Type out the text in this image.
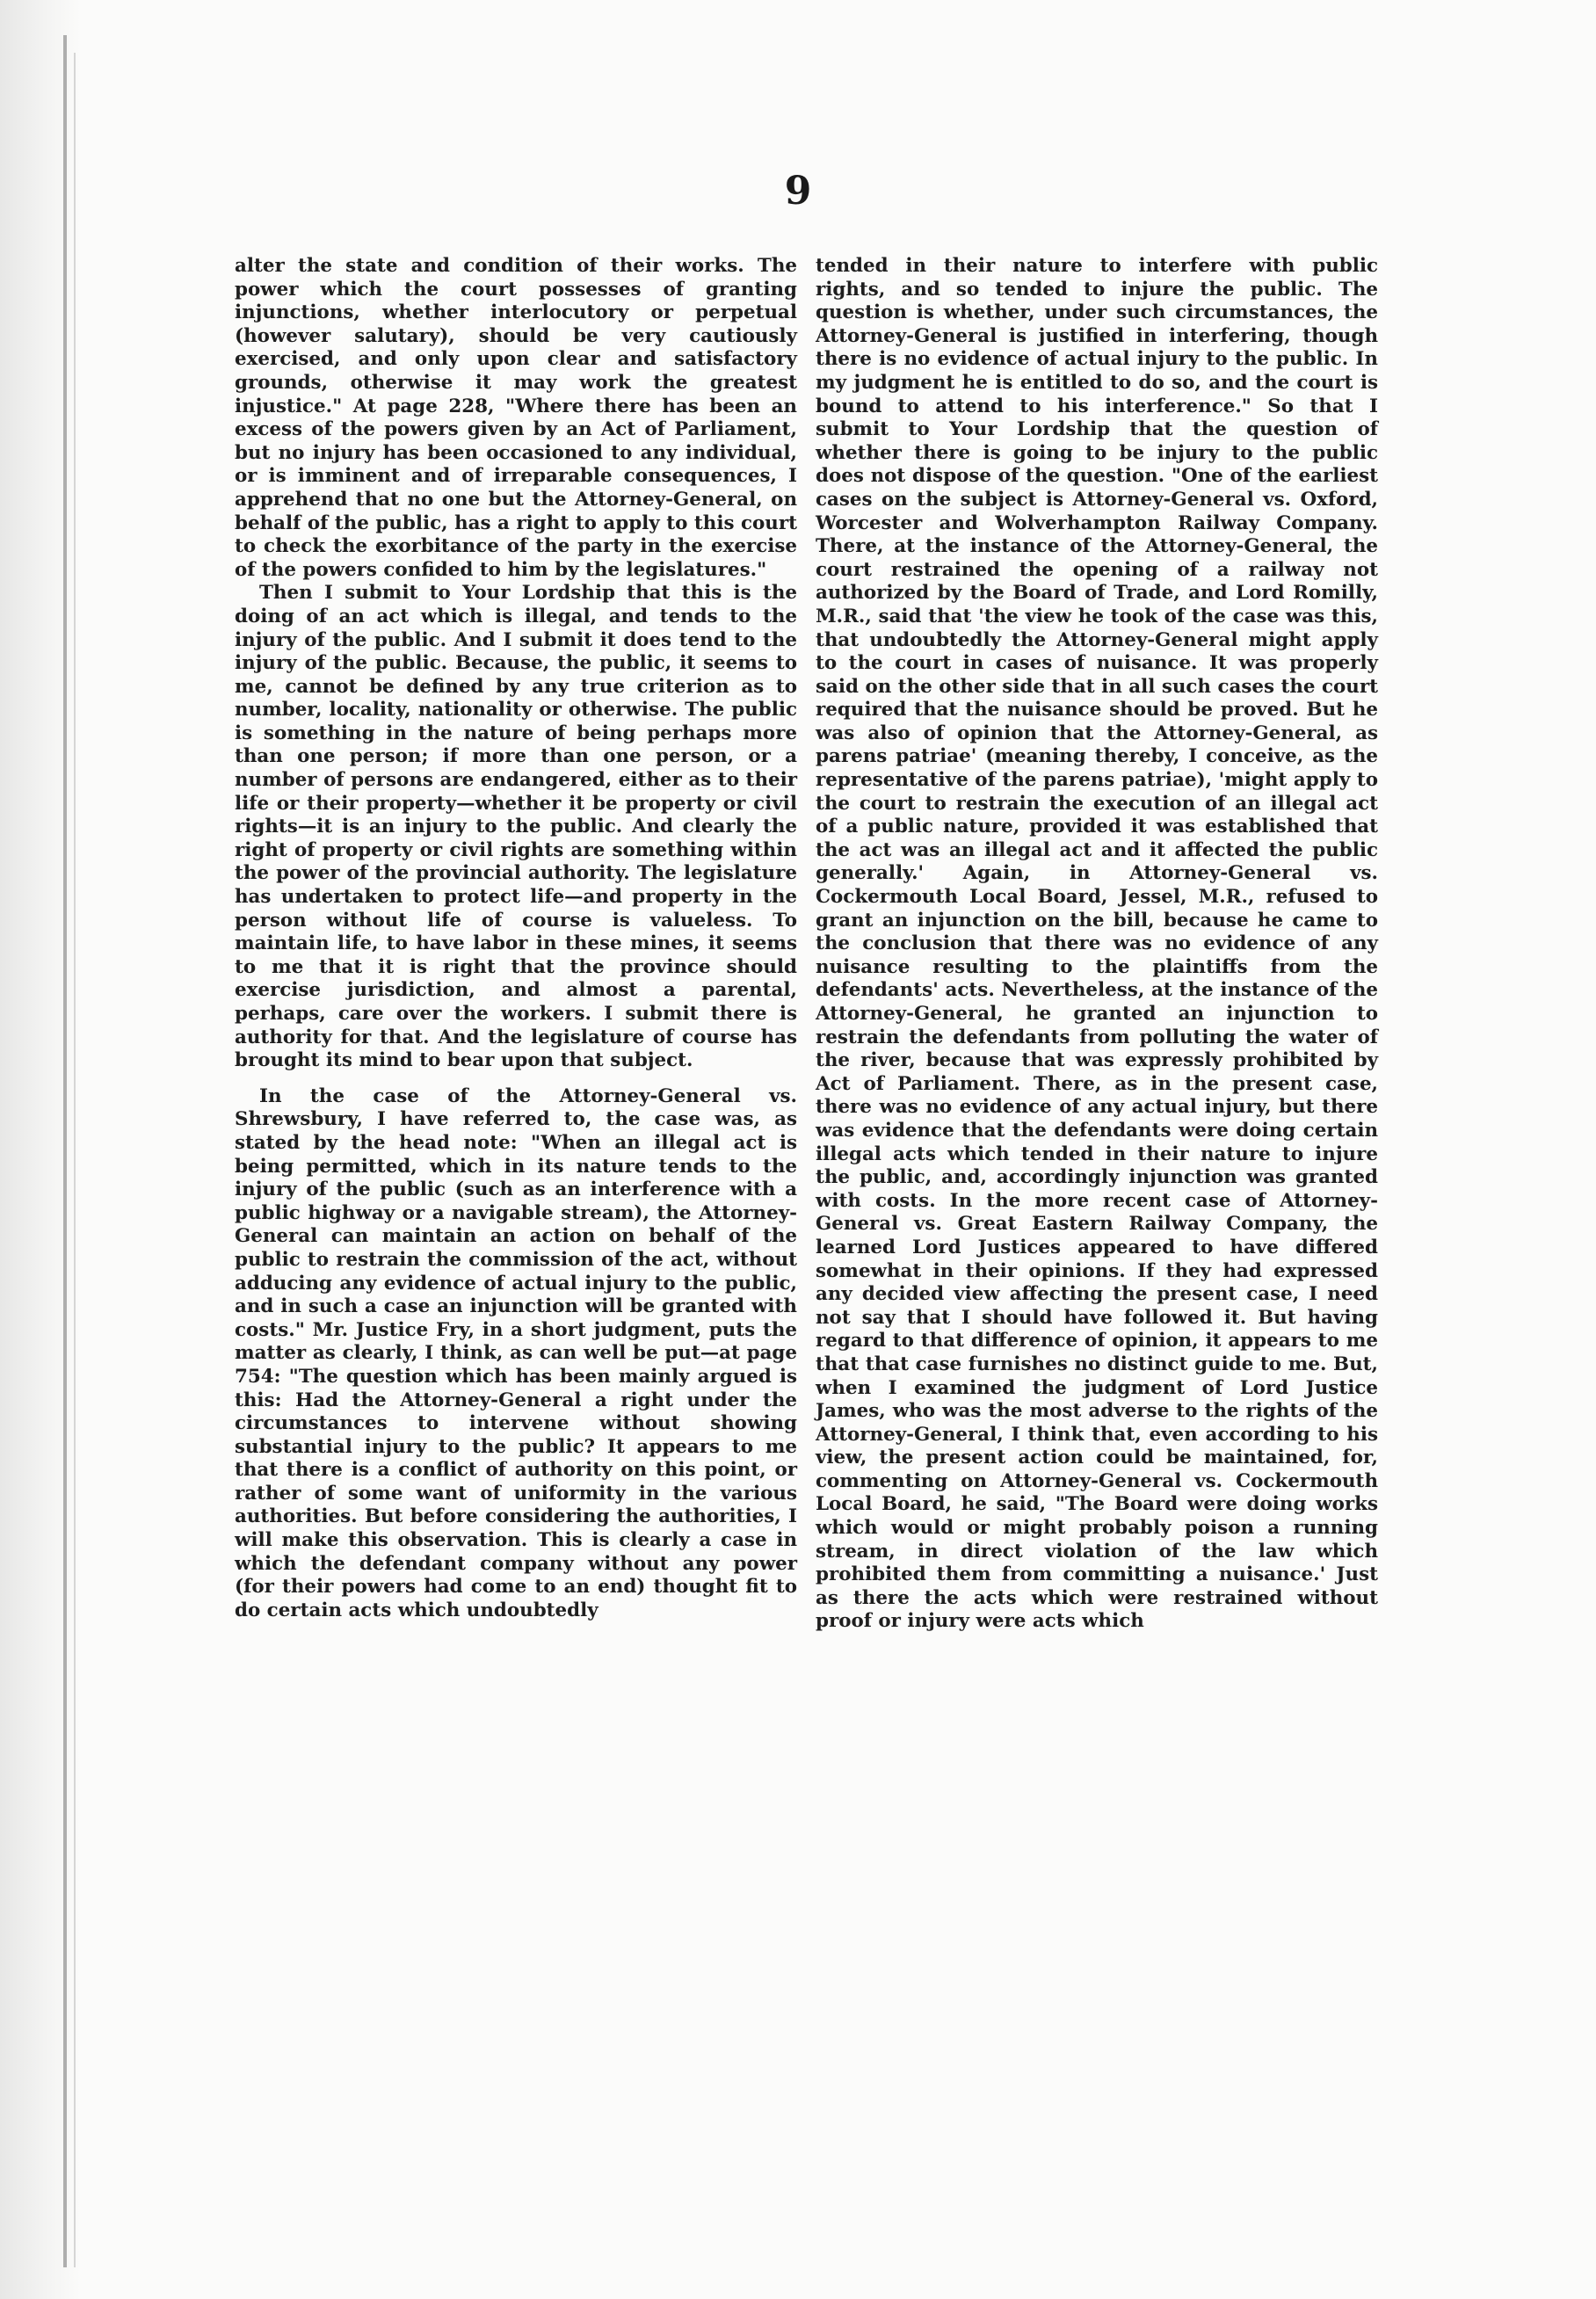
9

alter the state and condition of their works. The power which the court possesses of granting injunctions, whether interlocutory or perpetual (however salutary), should be very cautiously exercised, and only upon clear and satisfactory grounds, otherwise it may work the greatest injustice." At page 228, "Where there has been an excess of the powers given by an Act of Parliament, but no injury has been occasioned to any individual, or is imminent and of irreparable consequences, I apprehend that no one but the Attorney-General, on behalf of the public, has a right to apply to this court to check the exorbitance of the party in the exercise of the powers confided to him by the legislatures."

Then I submit to Your Lordship that this is the doing of an act which is illegal, and tends to the injury of the public. And I submit it does tend to the injury of the public. Because, the public, it seems to me, cannot be defined by any true criterion as to number, locality, nationality or otherwise. The public is something in the nature of being perhaps more than one person; if more than one person, or a number of persons are endangered, either as to their life or their property—whether it be property or civil rights—it is an injury to the public. And clearly the right of property or civil rights are something within the power of the provincial authority. The legislature has undertaken to protect life—and property in the person without life of course is valueless. To maintain life, to have labor in these mines, it seems to me that it is right that the province should exercise jurisdiction, and almost a parental, perhaps, care over the workers. I submit there is authority for that. And the legislature of course has brought its mind to bear upon that subject.

In the case of the Attorney-General vs. Shrewsbury, I have referred to, the case was, as stated by the head note: "When an illegal act is being permitted, which in its nature tends to the injury of the public (such as an interference with a public highway or a navigable stream), the Attorney-General can maintain an action on behalf of the public to restrain the commission of the act, without adducing any evidence of actual injury to the public, and in such a case an injunction will be granted with costs." Mr. Justice Fry, in a short judgment, puts the matter as clearly, I think, as can well be put—at page 754: "The question which has been mainly argued is this: Had the Attorney-General a right under the circumstances to intervene without showing substantial injury to the public? It appears to me that there is a conflict of authority on this point, or rather of some want of uniformity in the various authorities. But before considering the authorities, I will make this observation. This is clearly a case in which the defendant company without any power (for their powers had come to an end) thought fit to do certain acts which undoubtedly

tended in their nature to interfere with public rights, and so tended to injure the public. The question is whether, under such circumstances, the Attorney-General is justified in interfering, though there is no evidence of actual injury to the public. In my judgment he is entitled to do so, and the court is bound to attend to his interference." So that I submit to Your Lordship that the question of whether there is going to be injury to the public does not dispose of the question. "One of the earliest cases on the subject is Attorney-General vs. Oxford, Worcester and Wolverhampton Railway Company. There, at the instance of the Attorney-General, the court restrained the opening of a railway not authorized by the Board of Trade, and Lord Romilly, M.R., said that 'the view he took of the case was this, that undoubtedly the Attorney-General might apply to the court in cases of nuisance. It was properly said on the other side that in all such cases the court required that the nuisance should be proved. But he was also of opinion that the Attorney-General, as parens patriae' (meaning thereby, I conceive, as the representative of the parens patriae), 'might apply to the court to restrain the execution of an illegal act of a public nature, provided it was established that the act was an illegal act and it affected the public generally.' Again, in Attorney-General vs. Cockermouth Local Board, Jessel, M.R., refused to grant an injunction on the bill, because he came to the conclusion that there was no evidence of any nuisance resulting to the plaintiffs from the defendants' acts. Nevertheless, at the instance of the Attorney-General, he granted an injunction to restrain the defendants from polluting the water of the river, because that was expressly prohibited by Act of Parliament. There, as in the present case, there was no evidence of any actual injury, but there was evidence that the defendants were doing certain illegal acts which tended in their nature to injure the public, and, accordingly injunction was granted with costs. In the more recent case of Attorney-General vs. Great Eastern Railway Company, the learned Lord Justices appeared to have differed somewhat in their opinions. If they had expressed any decided view affecting the present case, I need not say that I should have followed it. But having regard to that difference of opinion, it appears to me that that case furnishes no distinct guide to me. But, when I examined the judgment of Lord Justice James, who was the most adverse to the rights of the Attorney-General, I think that, even according to his view, the present action could be maintained, for, commenting on Attorney-General vs. Cockermouth Local Board, he said, "The Board were doing works which would or might probably poison a running stream, in direct violation of the law which prohibited them from committing a nuisance.' Just as there the acts which were restrained without proof or injury were acts which
